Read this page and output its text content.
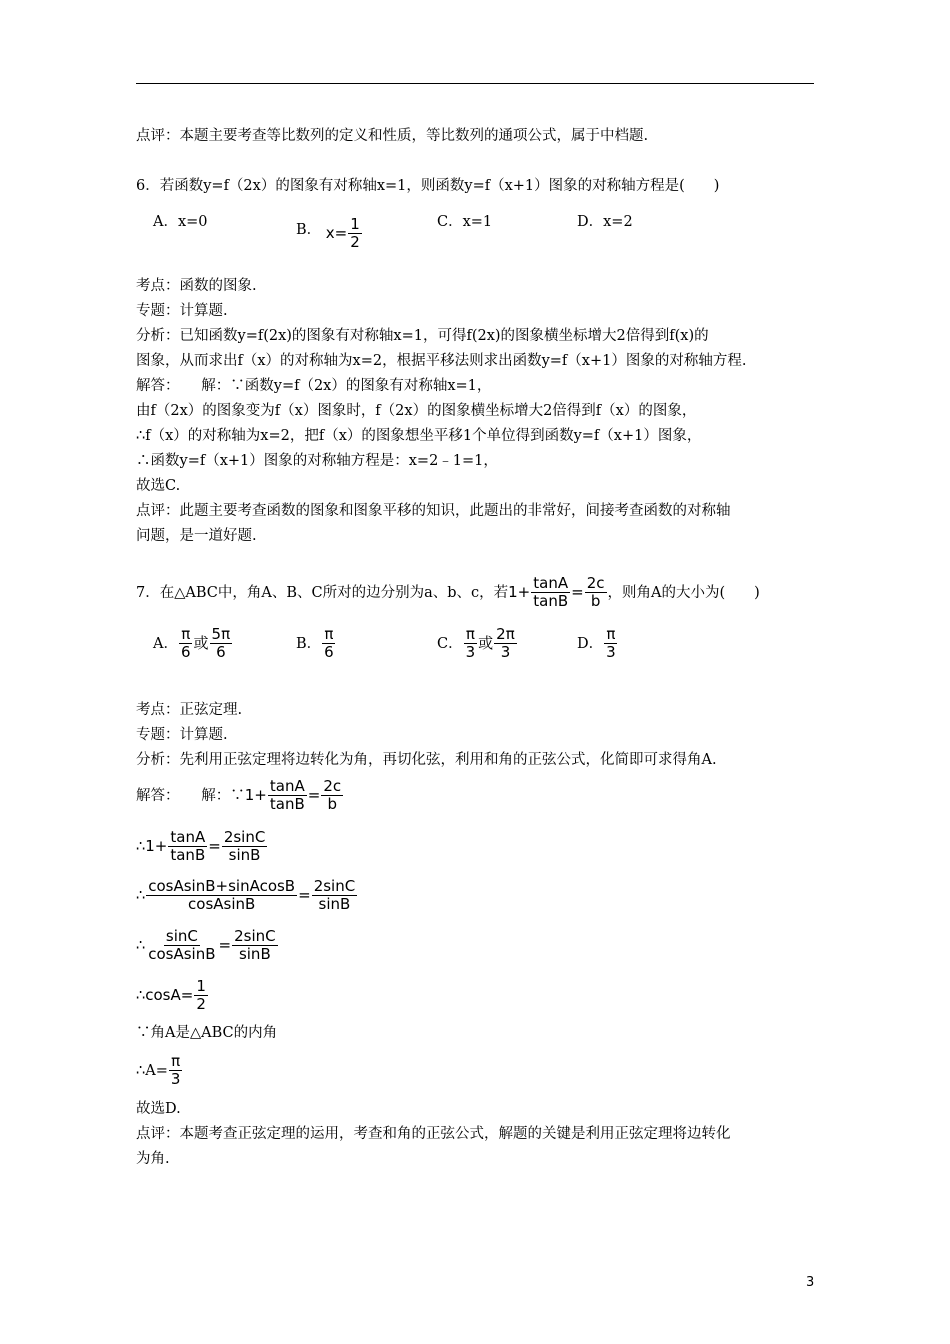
点评：本题主要考查等比数列的定义和性质，等比数列的通项公式，属于中档题.
6．若函数y=f（2x）的图象有对称轴x=1，则函数y=f（x+1）图象的对称轴方程是(　　)
A．x=0	B． $x= \frac{1}{2}$	C．x=1	D．x=2
考点：函数的图象.
专题：计算题.
分析：已知函数y=f(2x)的图象有对称轴x=1，可得f(2x)的图象横坐标增大2倍得到f(x)的
图象，从而求出f（x）的对称轴为x=2，根据平移法则求出函数y=f（x+1）图象的对称轴方程.
解答：　　解：∵函数y=f（2x）的图象有对称轴x=1，
由f（2x）的图象变为f（x）图象时，f（2x）的图象横坐标增大2倍得到f（x）的图象，
∴f（x）的对称轴为x=2，把f（x）的图象想坐平移1个单位得到函数y=f（x+1）图象，
∴函数y=f（x+1）图象的对称轴方程是：x=2﹣1=1，
故选C.
点评：此题主要考查函数的图象和图象平移的知识，此题出的非常好，间接考查函数的对称轴
问题，是一道好题.
7．在△ABC中，角A、B、C所对的边分别为a、b、c，若$1+ \frac{\tan A}{\tan B} = \frac{2c}{b}$ ，则角A的大小为(　　)
A． $\frac{\pi}{6}$ 或 $\frac{5\pi}{6}$	B． $\frac{\pi}{6}$	C． $\frac{\pi}{3}$ 或 $\frac{2\pi}{3}$	D． $\frac{\pi}{3}$
考点：正弦定理.
专题：计算题.
分析：先利用正弦定理将边转化为角，再切化弦，利用和角的正弦公式，化简即可求得角A.
解答：　　解：∵1+ $\frac{\tan A}{\tan B} = \frac{2c}{b}$
∴1+ $\frac{\tan A}{\tan B} = \frac{2\sin C}{\sin B}$
∴ $\frac{\text{cosAsinB+sinAcosB}}{\text{cosAsinB}} = \frac{2\sin C}{\sin B}$
∴ $\frac{\sin C}{\text{cosAsinB}} = \frac{2\sin C}{\sin B}$
∴cosA= $\frac{1}{2}$
∵角A是△ABC的内角
∴A= $\frac{\pi}{3}$
故选D.
点评：本题考查正弦定理的运用，考查和角的正弦公式，解题的关键是利用正弦定理将边转化
为角.
3
